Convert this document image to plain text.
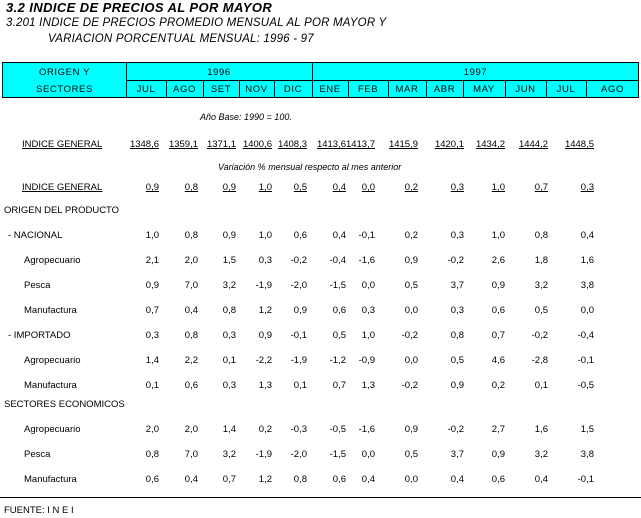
3.2 INDICE DE PRECIOS AL POR MAYOR
3.201 INDICE DE PRECIOS PROMEDIO MENSUAL AL POR MAYOR Y
VARIACION PORCENTUAL MENSUAL: 1996 - 97
ORIGEN Y
SECTORES
1996	1997
JUL	AGO	SET	NOV	DIC	ENE	FEB	MAR	ABR	MAY	JUN	JUL	AGO
INDICE GENERAL	1348,6	1359,1 1371,1 1400,6 1408,3	1413,6 1413,7	1415,9	1420,1	1434,2	1444,2	1448,5
INDICE GENERAL	0,9	0,8	0,9	1,0	0,5	0,4	0,0	0,2	0,3	1,0	0,7	0,3
ORIGEN DEL PRODUCTO
- NACIONAL	1,0	0,8	0,9	1,0	0,6	0,4	-0,1	0,2	0,3	1,0	0,8	0,4
Agropecuario	2,1	2,0	1,5	0,3	-0,2	-0,4	-1,6	0,9	-0,2	2,6	1,8	1,6
Pesca	0,9	7,0	3,2	-1,9	-2,0	-1,5	0,0	0,5	3,7	0,9	3,2	3,8
Manufactura	0,7	0,4	0,8	1,2	0,9	0,6	0,3	0,0	0,3	0,6	0,5	0,0
- IMPORTADO	0,3	0,8	0,3	0,9	-0,1	0,5	1,0	-0,2	0,8	0,7	-0,2	-0,4
Agropecuario	1,4	2,2	0,1	-2,2	-1,9	-1,2	-0,9	0,0	0,5	4,6	-2,8	-0,1
Manufactura	0,1	0,6	0,3	1,3	0,1	0,7	1,3	-0,2	0,9	0,2	0,1	-0,5
SECTORES ECONOMICOS
Agropecuario	2,0	2,0	1,4	0,2	-0,3	-0,5	-1,6	0,9	-0,2	2,7	1,6	1,5
Pesca	0,8	7,0	3,2	-1,9	-2,0	-1,5	0,0	0,5	3,7	0,9	3,2	3,8
Manufactura	0,6	0,4	0,7	1,2	0,8	0,6	0,4	0,0	0,4	0,6	0,4	-0,1
Año Base: 1990 = 100.
Variación % mensual respecto al mes anterior
FUENTE: I N E I
